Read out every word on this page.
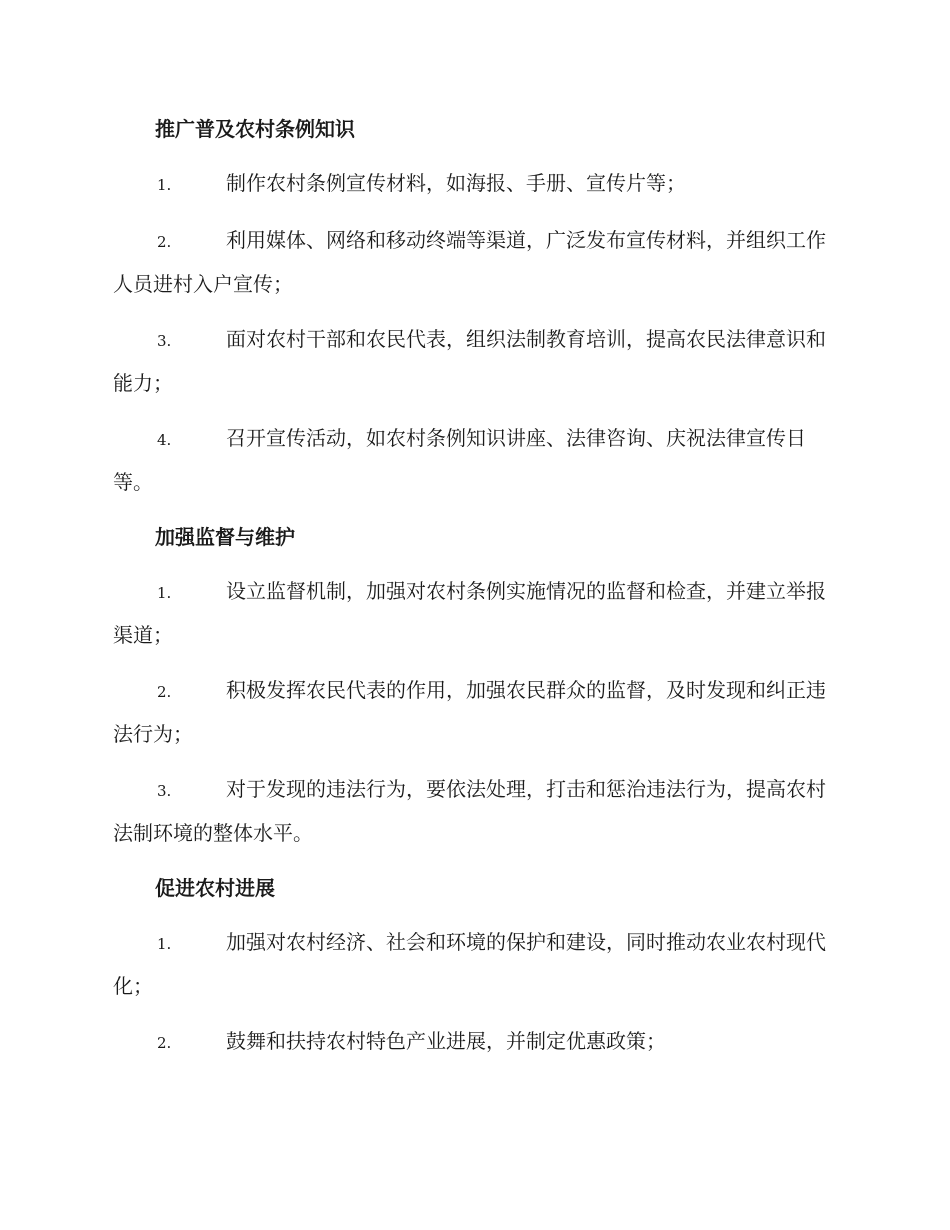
推广普及农村条例知识
1.	制作农村条例宣传材料，如海报、手册、宣传片等；
2.	利用媒体、网络和移动终端等渠道，广泛发布宣传材料，并组织工作人员进村入户宣传；
3.	面对农村干部和农民代表，组织法制教育培训，提高农民法律意识和能力；
4.	召开宣传活动，如农村条例知识讲座、法律咨询、庆祝法律宣传日等。
加强监督与维护
1.	设立监督机制，加强对农村条例实施情况的监督和检查，并建立举报渠道；
2.	积极发挥农民代表的作用，加强农民群众的监督，及时发现和纠正违法行为；
3.	对于发现的违法行为，要依法处理，打击和惩治违法行为，提高农村法制环境的整体水平。
促进农村进展
1.	加强对农村经济、社会和环境的保护和建设，同时推动农业农村现代化；
2.	鼓舞和扶持农村特色产业进展，并制定优惠政策；
